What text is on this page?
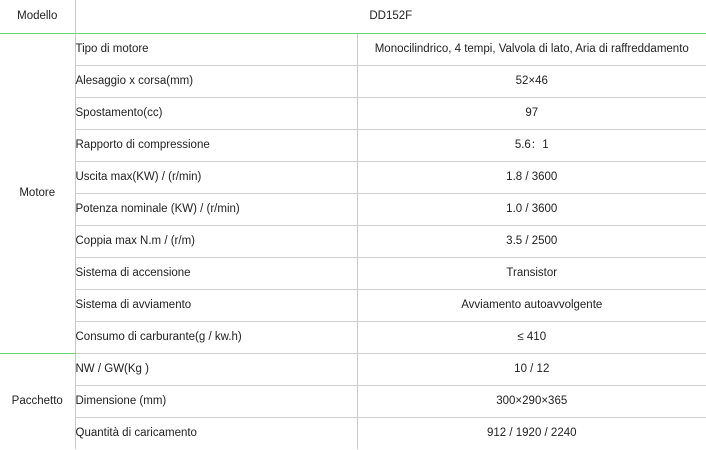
Modello	DD152F	
Motore	Tipo di motore	Monocilindrico, 4 tempi, Valvola di lato, Aria di raffreddamento
	Alesaggio x corsa(mm)	52×46
	Spostamento(cc)	97
	Rapporto di compressione	5.6：1
	Uscita max(KW) / (r/min)	1.8 / 3600
	Potenza nominale (KW) / (r/min)	1.0 / 3600
	Coppia max N.m / (r/m)	3.5 / 2500
	Sistema di accensione	Transistor
	Sistema di avviamento	Avviamento autoavvolgente
	Consumo di carburante(g / kw.h)	≤ 410
Pacchetto	NW / GW(Kg )	10 / 12
	Dimensione (mm)	300×290×365
	Quantità di caricamento	912 / 1920 / 2240
